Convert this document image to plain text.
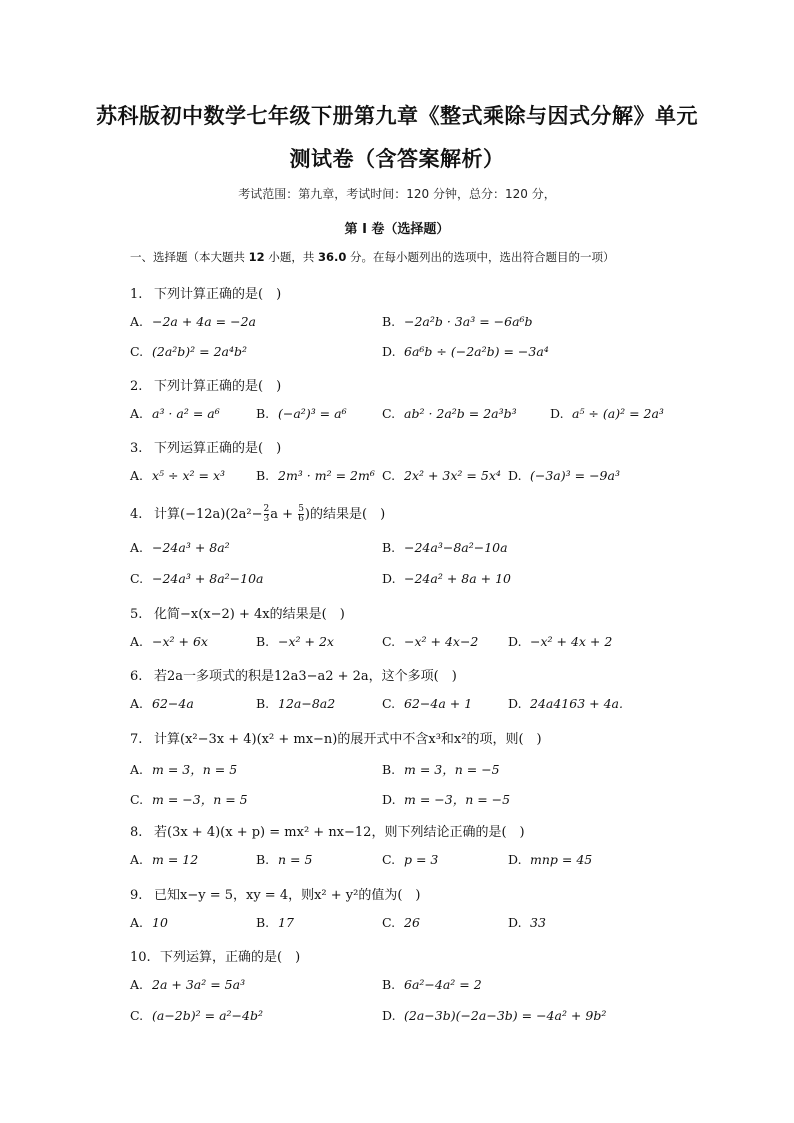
苏科版初中数学七年级下册第九章《整式乘除与因式分解》单元
测试卷（含答案解析）
考试范围：第九章，考试时间：120 分钟，总分：120 分，
第 I 卷（选择题）
一、选择题（本大题共 12 小题，共 36.0 分。在每小题列出的选项中，选出符合题目的一项）
1. 下列计算正确的是(　)
A. −2a + 4a = −2a	B. −2a²b · 3a³ = −6a⁶b
C. (2a²b)² = 2a⁴b²	D. 6a⁶b ÷ (−2a²b) = −3a⁴
2. 下列计算正确的是(　)
A. a³ · a² = a⁶	B. (−a²)³ = a⁶	C. ab² · 2a²b = 2a³b³	D. a⁵ ÷ (a)² = 2a³
3. 下列运算正确的是(　)
A. x⁵ ÷ x² = x³ B. 2m³ · m² = 2m⁶ C. 2x² + 3x² = 5x⁴ D. (−3a)³ = −9a³
4. 计算$(-12a)(2a^2- \frac{2}{3}$ $a + \frac{5}{6}$ )的结果是(　)
A. −24a³ + 8a²	B. −24a³−8a²−10a
C. −24a³ + 8a²−10a	D. −24a² + 8a + 10
5. 化简−x(x−2) + 4x的结果是(　)
A. −x² + 6x	B. −x² + 2x	C. −x² + 4x−2 D. −x² + 4x + 2
6. 若2a一多项式的积是12a3−a2 + 2a，这个多项(　)
A. 62−4a	B. 12a−8a2	C. 62−4a + 1	D. 24a4163 + 4a.
7. 计算(x²−3x + 4)(x² + mx−n)的展开式中不含x³和x²的项，则(　)
A. m = 3，n = 5	B. m = 3，n = −5
C. m = −3，n = 5	D. m = −3，n = −5
8. 若(3x + 4)(x + p) = mx² + nx−12，则下列结论正确的是(　)
A. m = 12	B. n = 5	C. p = 3	D. mnp = 45
9. 已知x−y = 5，xy = 4，则x² + y²的值为(　)
A. 10	B. 17	C. 26	D. 33
10. 下列运算，正确的是(　)
A. 2a + 3a² = 5a³	B. 6a²−4a² = 2
C. (a−2b)² = a²−4b²	D. (2a−3b)(−2a−3b) = −4a² + 9b²
